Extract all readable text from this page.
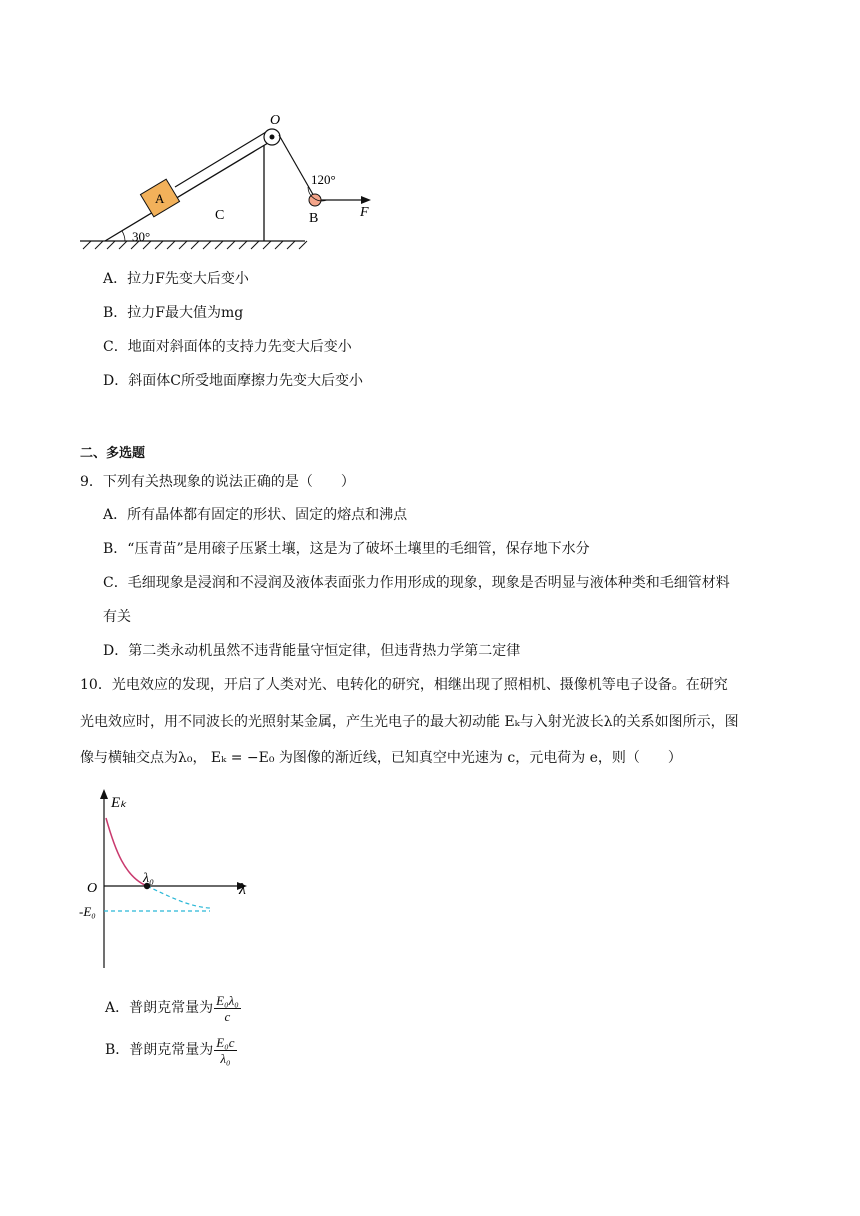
A
O
C	B	F
120°
30°
A．拉力F先变大后变小
B．拉力F最大值为mg
C．地面对斜面体的支持力先变大后变小
D．斜面体C所受地面摩擦力先变大后变小
二、多选题
9．下列有关热现象的说法正确的是（　　）
A．所有晶体都有固定的形状、固定的熔点和沸点
B．“压青苗”是用磙子压紧土壤，这是为了破坏土壤里的毛细管，保存地下水分
C．毛细现象是浸润和不浸润及液体表面张力作用形成的现象，现象是否明显与液体种类和毛细管材料
有关
D．第二类永动机虽然不违背能量守恒定律，但违背热力学第二定律
10．光电效应的发现，开启了人类对光、电转化的研究，相继出现了照相机、摄像机等电子设备。在研究
光电效应时，用不同波长的光照射某金属，产生光电子的最大初动能 Eₖ与入射光波长λ的关系如图所示，图
像与横轴交点为λ₀， Eₖ = −E₀ 为图像的渐近线，已知真空中光速为 c，元电荷为 e，则（　　）
Eₖ
λ
O
λ₀
-E₀
A．普朗克常量为 $\frac{\text{E₀λ₀}}{c}$
B．普朗克常量为 $\frac{\text{E₀c}}{\text{λ₀}}$
